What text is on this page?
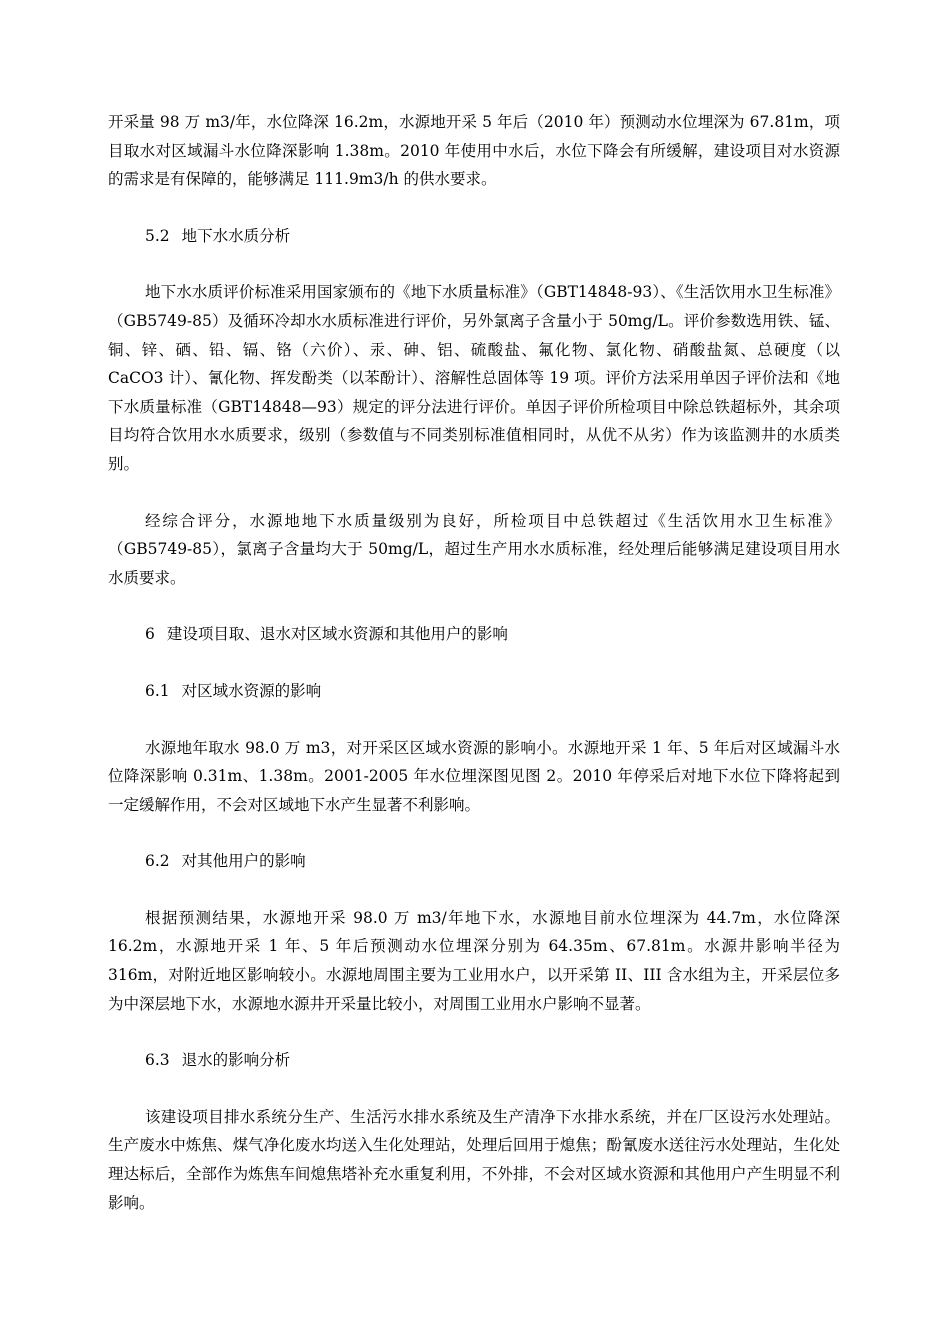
开采量 98 万 m3/年，水位降深 16.2m，水源地开采 5 年后（2010 年）预测动水位埋深为 67.81m，项目取水对区域漏斗水位降深影响 1.38m。2010 年使用中水后，水位下降会有所缓解，建设项目对水资源的需求是有保障的，能够满足 111.9m3/h 的供水要求。

5.2 地下水水质分析

地下水水质评价标准采用国家颁布的《地下水质量标准》（GBT14848-93）、《生活饮用水卫生标准》（GB5749-85）及循环冷却水水质标准进行评价，另外氯离子含量小于 50mg/L。评价参数选用铁、锰、铜、锌、硒、铅、镉、铬（六价）、汞、砷、铝、硫酸盐、氟化物、氯化物、硝酸盐氮、总硬度（以 CaCO3 计）、氰化物、挥发酚类（以苯酚计）、溶解性总固体等 19 项。评价方法采用单因子评价法和《地下水质量标准（GBT14848—93）规定的评分法进行评价。单因子评价所检项目中除总铁超标外，其余项目均符合饮用水水质要求，级别（参数值与不同类别标准值相同时，从优不从劣）作为该监测井的水质类别。

经综合评分，水源地地下水质量级别为良好，所检项目中总铁超过《生活饮用水卫生标准》（GB5749-85），氯离子含量均大于 50mg/L，超过生产用水水质标准，经处理后能够满足建设项目用水水质要求。

6 建设项目取、退水对区域水资源和其他用户的影响
6.1 对区域水资源的影响

水源地年取水 98.0 万 m3，对开采区区域水资源的影响小。水源地开采 1 年、5 年后对区域漏斗水位降深影响 0.31m、1.38m。2001-2005 年水位埋深图见图 2。2010 年停采后对地下水位下降将起到一定缓解作用，不会对区域地下水产生显著不利影响。

6.2 对其他用户的影响

根据预测结果，水源地开采 98.0 万 m3/年地下水，水源地目前水位埋深为 44.7m，水位降深 16.2m，水源地开采 1 年、5 年后预测动水位埋深分别为 64.35m、67.81m。水源井影响半径为 316m，对附近地区影响较小。水源地周围主要为工业用水户，以开采第 II、III 含水组为主，开采层位多为中深层地下水，水源地水源井开采量比较小，对周围工业用水户影响不显著。

6.3 退水的影响分析

该建设项目排水系统分生产、生活污水排水系统及生产清净下水排水系统，并在厂区设污水处理站。生产废水中炼焦、煤气净化废水均送入生化处理站，处理后回用于熄焦；酚氰废水送往污水处理站，生化处理达标后，全部作为炼焦车间熄焦塔补充水重复利用，不外排，不会对区域水资源和其他用户产生明显不利影响。
